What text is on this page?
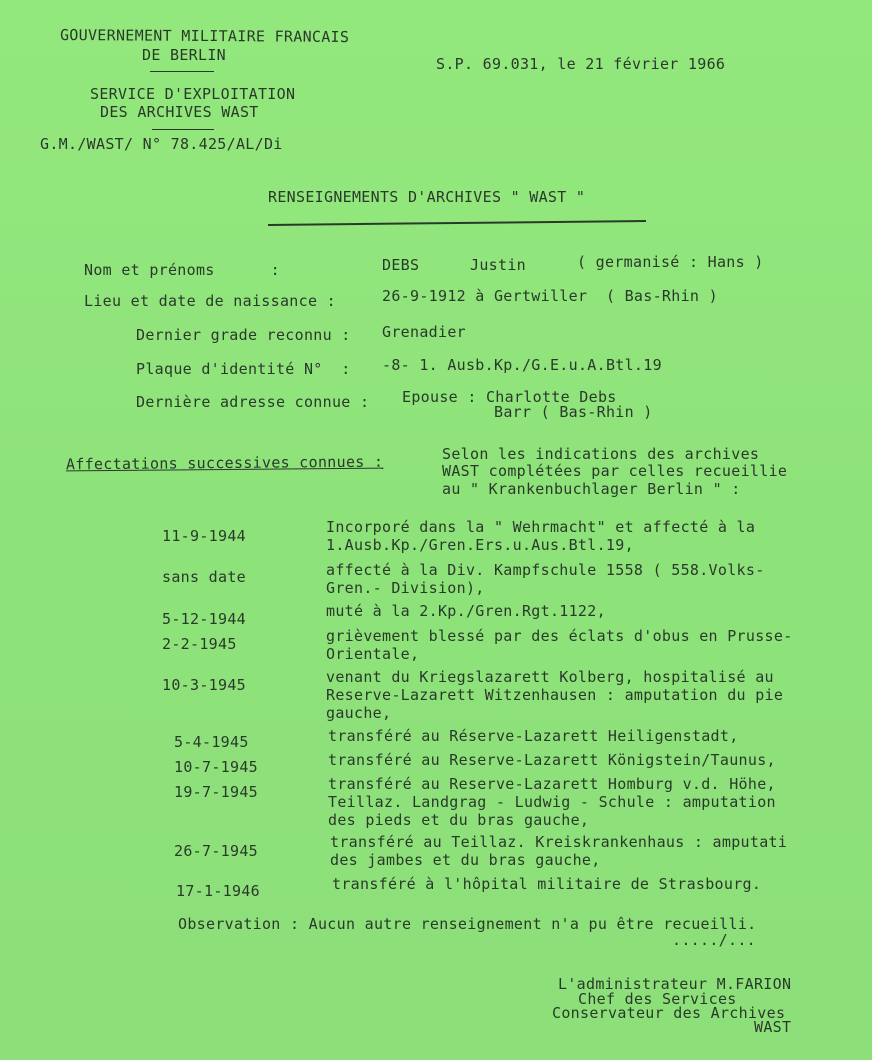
GOUVERNEMENT MILITAIRE FRANCAIS
DE BERLIN
SERVICE D'EXPLOITATION
DES ARCHIVES WAST
G.M./WAST/ N° 78.425/AL/Di
S.P. 69.031, le 21 février 1966
RENSEIGNEMENTS D'ARCHIVES " WAST "
Nom et prénoms      :	DEBS	Justin	( germanisé : Hans )
Lieu et date de naissance :	26-9-1912 à Gertwiller  ( Bas-Rhin )
Dernier grade reconnu : Grenadier
Plaque d'identité N°  : -8- 1. Ausb.Kp./G.E.u.A.Btl.19
Dernière adresse connue : Epouse : Charlotte Debs
Barr ( Bas-Rhin )
Affectations successives connues :	Selon les indications des archives
WAST complétées par celles recueillie
au " Krankenbuchlager Berlin " :
11-9-1944	Incorporé dans la " Wehrmacht" et affecté à la
1.Ausb.Kp./Gren.Ers.u.Aus.Btl.19,
sans date	affecté à la Div. Kampfschule 1558 ( 558.Volks-
Gren.- Division),
5-12-1944	muté à la 2.Kp./Gren.Rgt.1122,
2-2-1945	grièvement blessé par des éclats d'obus en Prusse-
Orientale,
10-3-1945	venant du Kriegslazarett Kolberg, hospitalisé au
Reserve-Lazarett Witzenhausen : amputation du pie
gauche,
5-4-1945	transféré au Réserve-Lazarett Heiligenstadt,
10-7-1945	transféré au Reserve-Lazarett Königstein/Taunus,
19-7-1945	transféré au Reserve-Lazarett Homburg v.d. Höhe,
Teillaz. Landgrag - Ludwig - Schule : amputation
des pieds et du bras gauche,
26-7-1945	transféré au Teillaz. Kreiskrankenhaus : amputati
des jambes et du bras gauche,
17-1-1946	transféré à l'hôpital militaire de Strasbourg.
Observation : Aucun autre renseignement n'a pu être recueilli.
...../...
L'administrateur M.FARION
Chef des Services
Conservateur des Archives
WAST
